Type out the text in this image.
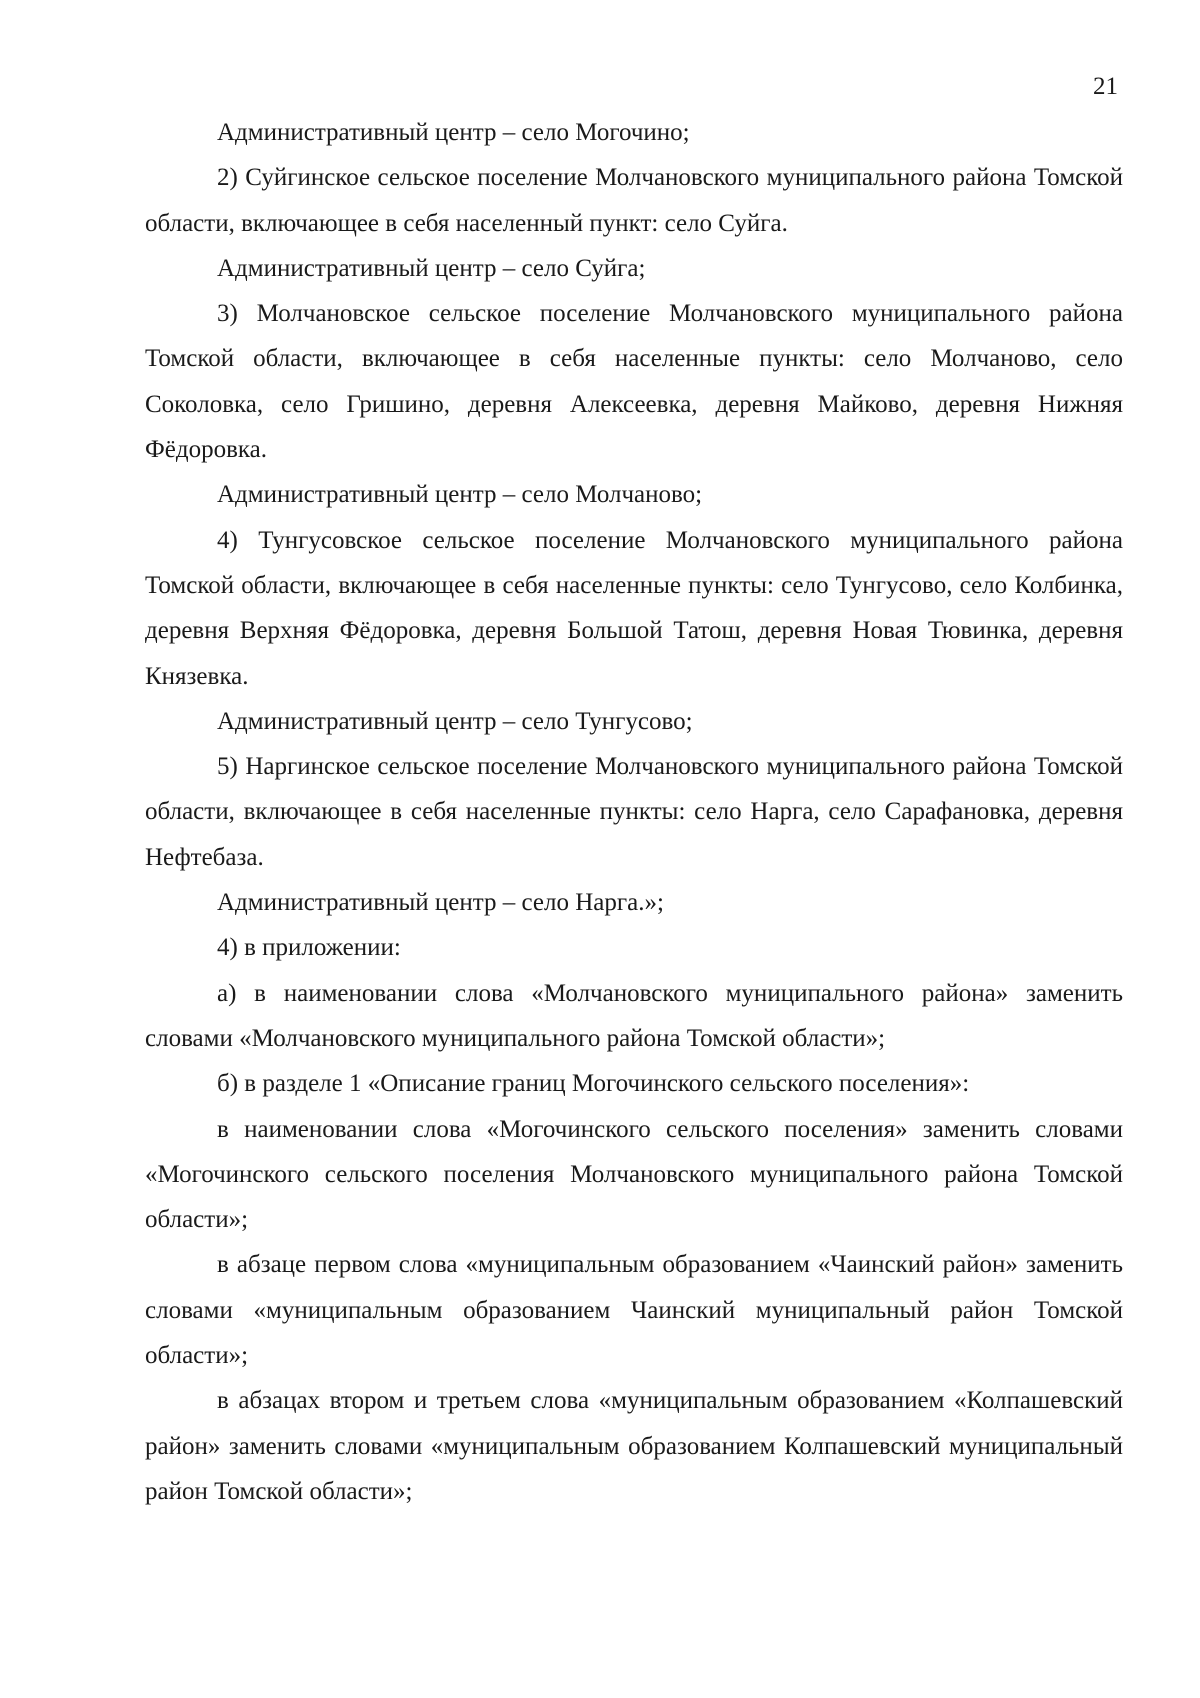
21

Административный центр – село Могочино;

2) Суйгинское сельское поселение Молчановского муниципального района Томской области, включающее в себя населенный пункт: село Суйга.

Административный центр – село Суйга;

3) Молчановское сельское поселение Молчановского муниципального района Томской области, включающее в себя населенные пункты: село Молчаново, село Соколовка, село Гришино, деревня Алексеевка, деревня Майково, деревня Нижняя Фёдоровка.

Административный центр – село Молчаново;

4) Тунгусовское сельское поселение Молчановского муниципального района Томской области, включающее в себя населенные пункты: село Тунгусово, село Колбинка, деревня Верхняя Фёдоровка, деревня Большой Татош, деревня Новая Тювинка, деревня Князевка.

Административный центр – село Тунгусово;

5) Наргинское сельское поселение Молчановского муниципального района Томской области, включающее в себя населенные пункты: село Нарга, село Сарафановка, деревня Нефтебаза.

Административный центр – село Нарга.»;

4) в приложении:

а) в наименовании слова «Молчановского муниципального района» заменить словами «Молчановского муниципального района Томской области»;

б) в разделе 1 «Описание границ Могочинского сельского поселения»:

в наименовании слова «Могочинского сельского поселения» заменить словами «Могочинского сельского поселения Молчановского муниципального района Томской области»;

в абзаце первом слова «муниципальным образованием «Чаинский район» заменить словами «муниципальным образованием Чаинский муниципальный район Томской области»;

в абзацах втором и третьем слова «муниципальным образованием «Колпашевский район» заменить словами «муниципальным образованием Колпашевский муниципальный район Томской области»;
